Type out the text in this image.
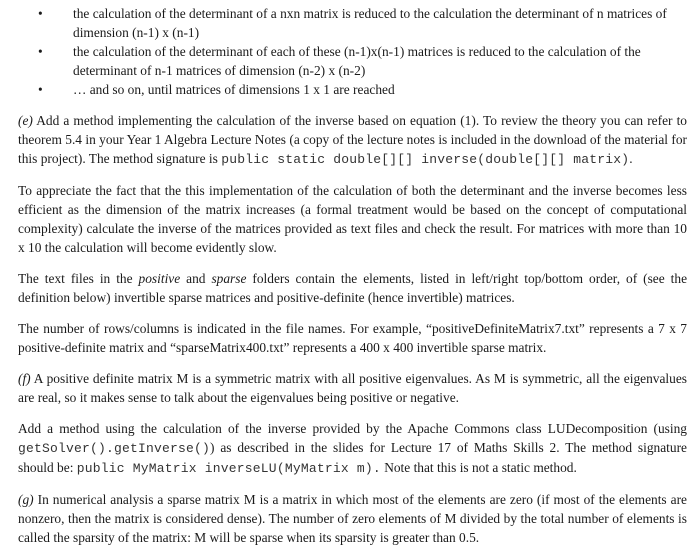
• the calculation of the determinant of a nxn matrix is reduced to the calculation the determinant of n matrices of dimension (n-1) x (n-1)
• the calculation of the determinant of each of these (n-1)x(n-1) matrices is reduced to the calculation of the determinant of n-1 matrices of dimension (n-2) x (n-2)
• … and so on, until matrices of dimensions 1 x 1 are reached

(e) Add a method implementing the calculation of the inverse based on equation (1). To review the theory you can refer to theorem 5.4 in your Year 1 Algebra Lecture Notes (a copy of the lecture notes is included in the download of the material for this project). The method signature is public static double[][] inverse(double[][] matrix).

To appreciate the fact that the this implementation of the calculation of both the determinant and the inverse becomes less efficient as the dimension of the matrix increases (a formal treatment would be based on the concept of computational complexity) calculate the inverse of the matrices provided as text files and check the result. For matrices with more than 10 x 10 the calculation will become evidently slow.

The text files in the positive and sparse folders contain the elements, listed in left/right top/bottom order, of (see the definition below) invertible sparse matrices and positive-definite (hence invertible) matrices.

The number of rows/columns is indicated in the file names. For example, “positiveDefiniteMatrix7.txt” represents a 7 x 7 positive-definite matrix and “sparseMatrix400.txt” represents a 400 x 400 invertible sparse matrix.

(f) A positive definite matrix M is a symmetric matrix with all positive eigenvalues. As M is symmetric, all the eigenvalues are real, so it makes sense to talk about the eigenvalues being positive or negative.

Add a method using the calculation of the inverse provided by the Apache Commons class LUDecomposition (using getSolver().getInverse()) as described in the slides for Lecture 17 of Maths Skills 2. The method signature should be: public MyMatrix inverseLU(MyMatrix m). Note that this is not a static method.

(g) In numerical analysis a sparse matrix M is a matrix in which most of the elements are zero (if most of the elements are nonzero, then the matrix is considered dense). The number of zero elements of M divided by the total number of elements is called the sparsity of the matrix: M will be sparse when its sparsity is greater than 0.5.
